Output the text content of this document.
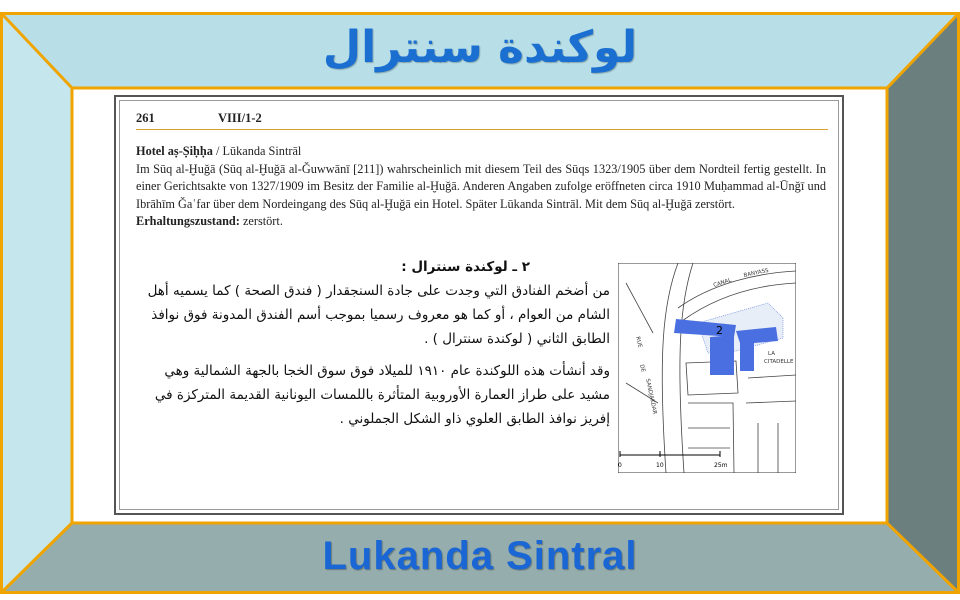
لوكندة سنترال
261	VIII/1-2
Hotel aṣ-Ṣiḥḥa / Lūkanda Sintrāl
Im Sūq al-Ḫuǧā (Sūq al-Ḫuǧā al-Ǧuwwānī [211]) wahrscheinlich mit diesem Teil des Sūqs 1323/1905 über dem Nordteil fertig gestellt. In einer Gerichtsakte von 1327/1909 im Besitz der Familie al-Ḫuǧā. Anderen Angaben zufolge eröffneten circa 1910 Muḥammad al-Ūnǧī und Ibrāhīm Ǧaʿfar über dem Nordeingang des Sūq al-Ḫuǧā ein Hotel. Später Lūkanda Sintrāl. Mit dem Sūq al-Ḫuǧā zerstört.
Erhaltungszustand: zerstört.
٢ ـ لوكندة سنترال :

من أضخم الفنادق التي وجدت على جادة السنجقدار ( فندق الصحة ) كما يسميه أهل الشام من العوام ، أو كما هو معروف رسميا بموجب أسم الفندق المدونة فوق نوافذ الطابق الثاني ( لوكندة سنترال ) .

وقد أنشأت هذه اللوكندة عام ١٩١٠ للميلاد فوق سوق الخجا بالجهة الشمالية وهي مشيد على طراز العمارة الأوروبية المتأثرة باللمسات اليونانية القديمة المتركزة في إفريز نوافذ الطابق العلوي ذاو الشكل الجملوني .

2
CANAL
BANYASS
RUE
DE
SANDJAKDAR
LA
CITADELLE
0	10	25m
Lukanda Sintral
